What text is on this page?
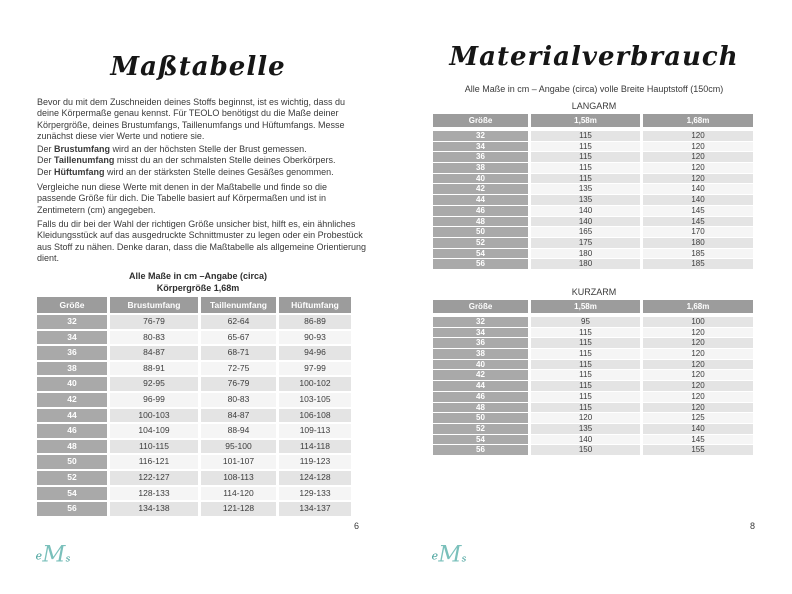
Maßtabelle
Bevor du mit dem Zuschneiden deines Stoffs beginnst, ist es wichtig, dass du deine Körpermaße genau kennst. Für TEOLO benötigst du die Maße deiner Körpergröße, deines Brustumfangs, Taillenumfangs und Hüftumfangs. Messe zunächst diese vier Werte und notiere sie.
Der Brustumfang wird an der höchsten Stelle der Brust gemessen.
Der Taillenumfang misst du an der schmalsten Stelle deines Oberkörpers.
Der Hüftumfang wird an der stärksten Stelle deines Gesäßes genommen.
Vergleiche nun diese Werte mit denen in der Maßtabelle und finde so die passende Größe für dich. Die Tabelle basiert auf Körpermaßen und ist in Zentimetern (cm) angegeben.
Falls du dir bei der Wahl der richtigen Größe unsicher bist, hilft es, ein ähnliches Kleidungsstück auf das ausgedruckte Schnittmuster zu legen oder ein Probestück aus Stoff zu nähen. Denke daran, dass die Maßtabelle als allgemeine Orientierung dient.
Alle Maße in cm –Angabe (circa)
Körpergröße 1,68m
Größe	Brustumfang	Taillenumfang	Hüftumfang
32	76-79	62-64	86-89
34	80-83	65-67	90-93
36	84-87	68-71	94-96
38	88-91	72-75	97-99
40	92-95	76-79	100-102
42	96-99	80-83	103-105
44	100-103	84-87	106-108
46	104-109	88-94	109-113
48	110-115	95-100	114-118
50	116-121	101-107	119-123
52	122-127	108-113	124-128
54	128-133	114-120	129-133
56	134-138	121-128	134-137
6
e M s
Materialverbrauch
Alle Maße in cm – Angabe (circa) volle Breite Hauptstoff (150cm)
LANGARM
Größe	1,58m	1,68m
32	115	120
34	115	120
36	115	120
38	115	120
40	115	120
42	135	140
44	135	140
46	140	145
48	140	145
50	165	170
52	175	180
54	180	185
56	180	185
KURZARM
Größe	1,58m	1,68m
32	95	100
34	115	120
36	115	120
38	115	120
40	115	120
42	115	120
44	115	120
46	115	120
48	115	120
50	120	125
52	135	140
54	140	145
56	150	155
8
e M s
